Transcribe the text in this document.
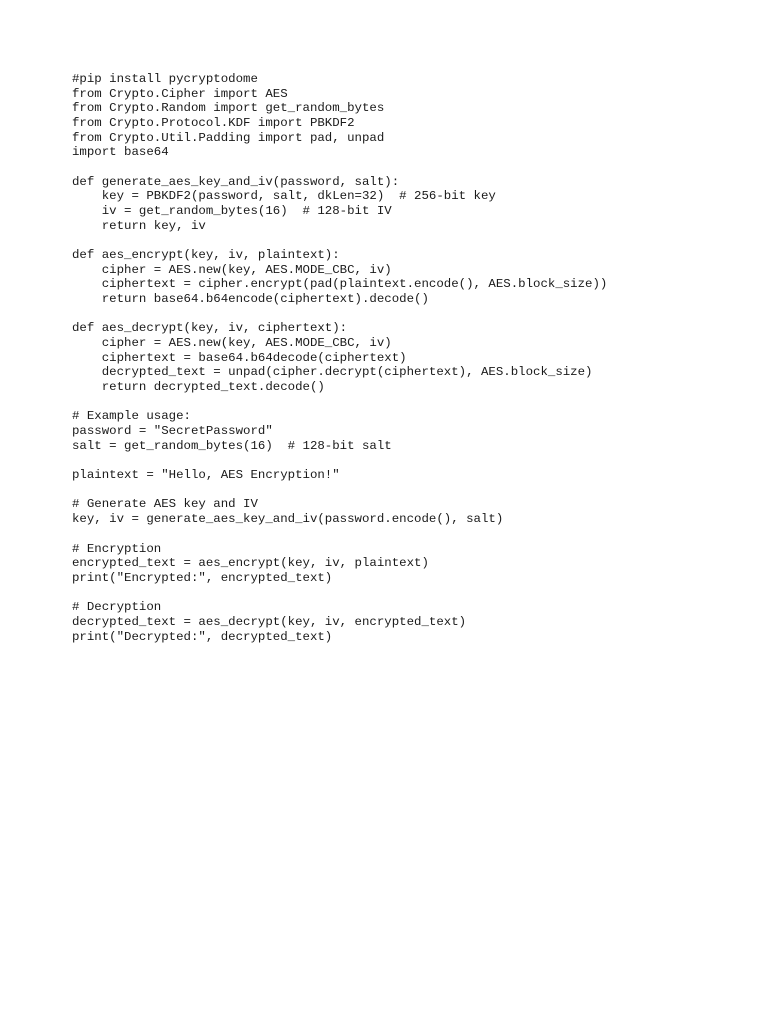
#pip install pycryptodome
from Crypto.Cipher import AES
from Crypto.Random import get_random_bytes
from Crypto.Protocol.KDF import PBKDF2
from Crypto.Util.Padding import pad, unpad
import base64
def generate_aes_key_and_iv(password, salt):
key = PBKDF2(password, salt, dkLen=32)  # 256-bit key
iv = get_random_bytes(16)  # 128-bit IV
return key, iv
def aes_encrypt(key, iv, plaintext):
cipher = AES.new(key, AES.MODE_CBC, iv)
ciphertext = cipher.encrypt(pad(plaintext.encode(), AES.block_size))
return base64.b64encode(ciphertext).decode()
def aes_decrypt(key, iv, ciphertext):
cipher = AES.new(key, AES.MODE_CBC, iv)
ciphertext = base64.b64decode(ciphertext)
decrypted_text = unpad(cipher.decrypt(ciphertext), AES.block_size)
return decrypted_text.decode()
# Example usage:
password = "SecretPassword"
salt = get_random_bytes(16)  # 128-bit salt
plaintext = "Hello, AES Encryption!"
# Generate AES key and IV
key, iv = generate_aes_key_and_iv(password.encode(), salt)
# Encryption
encrypted_text = aes_encrypt(key, iv, plaintext)
print("Encrypted:", encrypted_text)
# Decryption
decrypted_text = aes_decrypt(key, iv, encrypted_text)
print("Decrypted:", decrypted_text)
